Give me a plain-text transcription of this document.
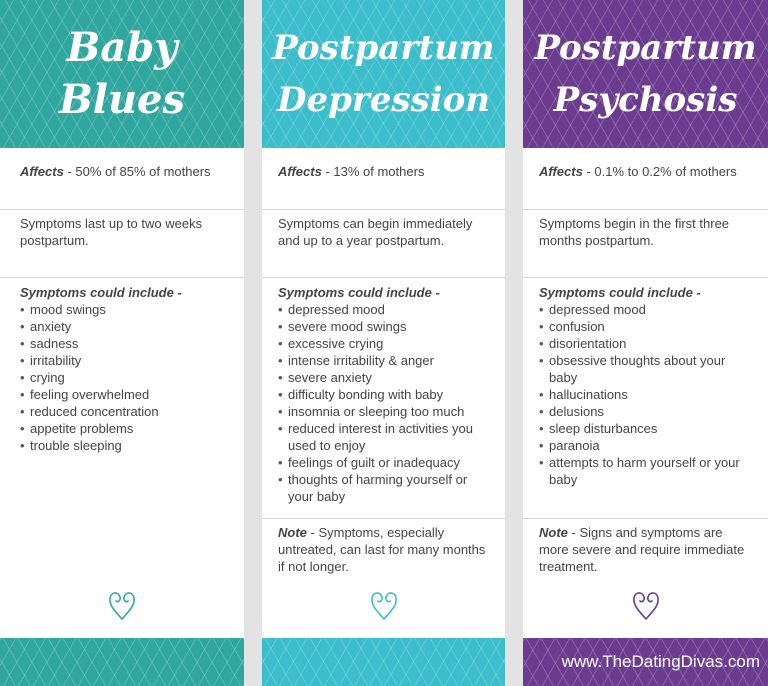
Baby
Blues
Affects - 50% of 85% of mothers
Symptoms last up to two weeks postpartum.
Symptoms could include -
• mood swings
• anxiety
• sadness
• irritability
• crying
• feeling overwhelmed
• reduced concentration
• appetite problems
• trouble sleeping
Postpartum
Depression
Affects - 13% of mothers
Symptoms can begin immediately and up to a year postpartum.
Symptoms could include -
• depressed mood
• severe mood swings
• excessive crying
• intense irritability & anger
• severe anxiety
• difficulty bonding with baby
• insomnia or sleeping too much
• reduced interest in activities you used to enjoy
• feelings of guilt or inadequacy
• thoughts of harming yourself or your baby
Note - Symptoms, especially untreated, can last for many months if not longer.
Postpartum
Psychosis
Affects - 0.1% to 0.2% of mothers
Symptoms begin in the first three months postpartum.
Symptoms could include -
• depressed mood
• confusion
• disorientation
• obsessive thoughts about your baby
• hallucinations
• delusions
• sleep disturbances
• paranoia
• attempts to harm yourself or your baby
Note - Signs and symptoms are more severe and require immediate treatment.
www.TheDatingDivas.com
